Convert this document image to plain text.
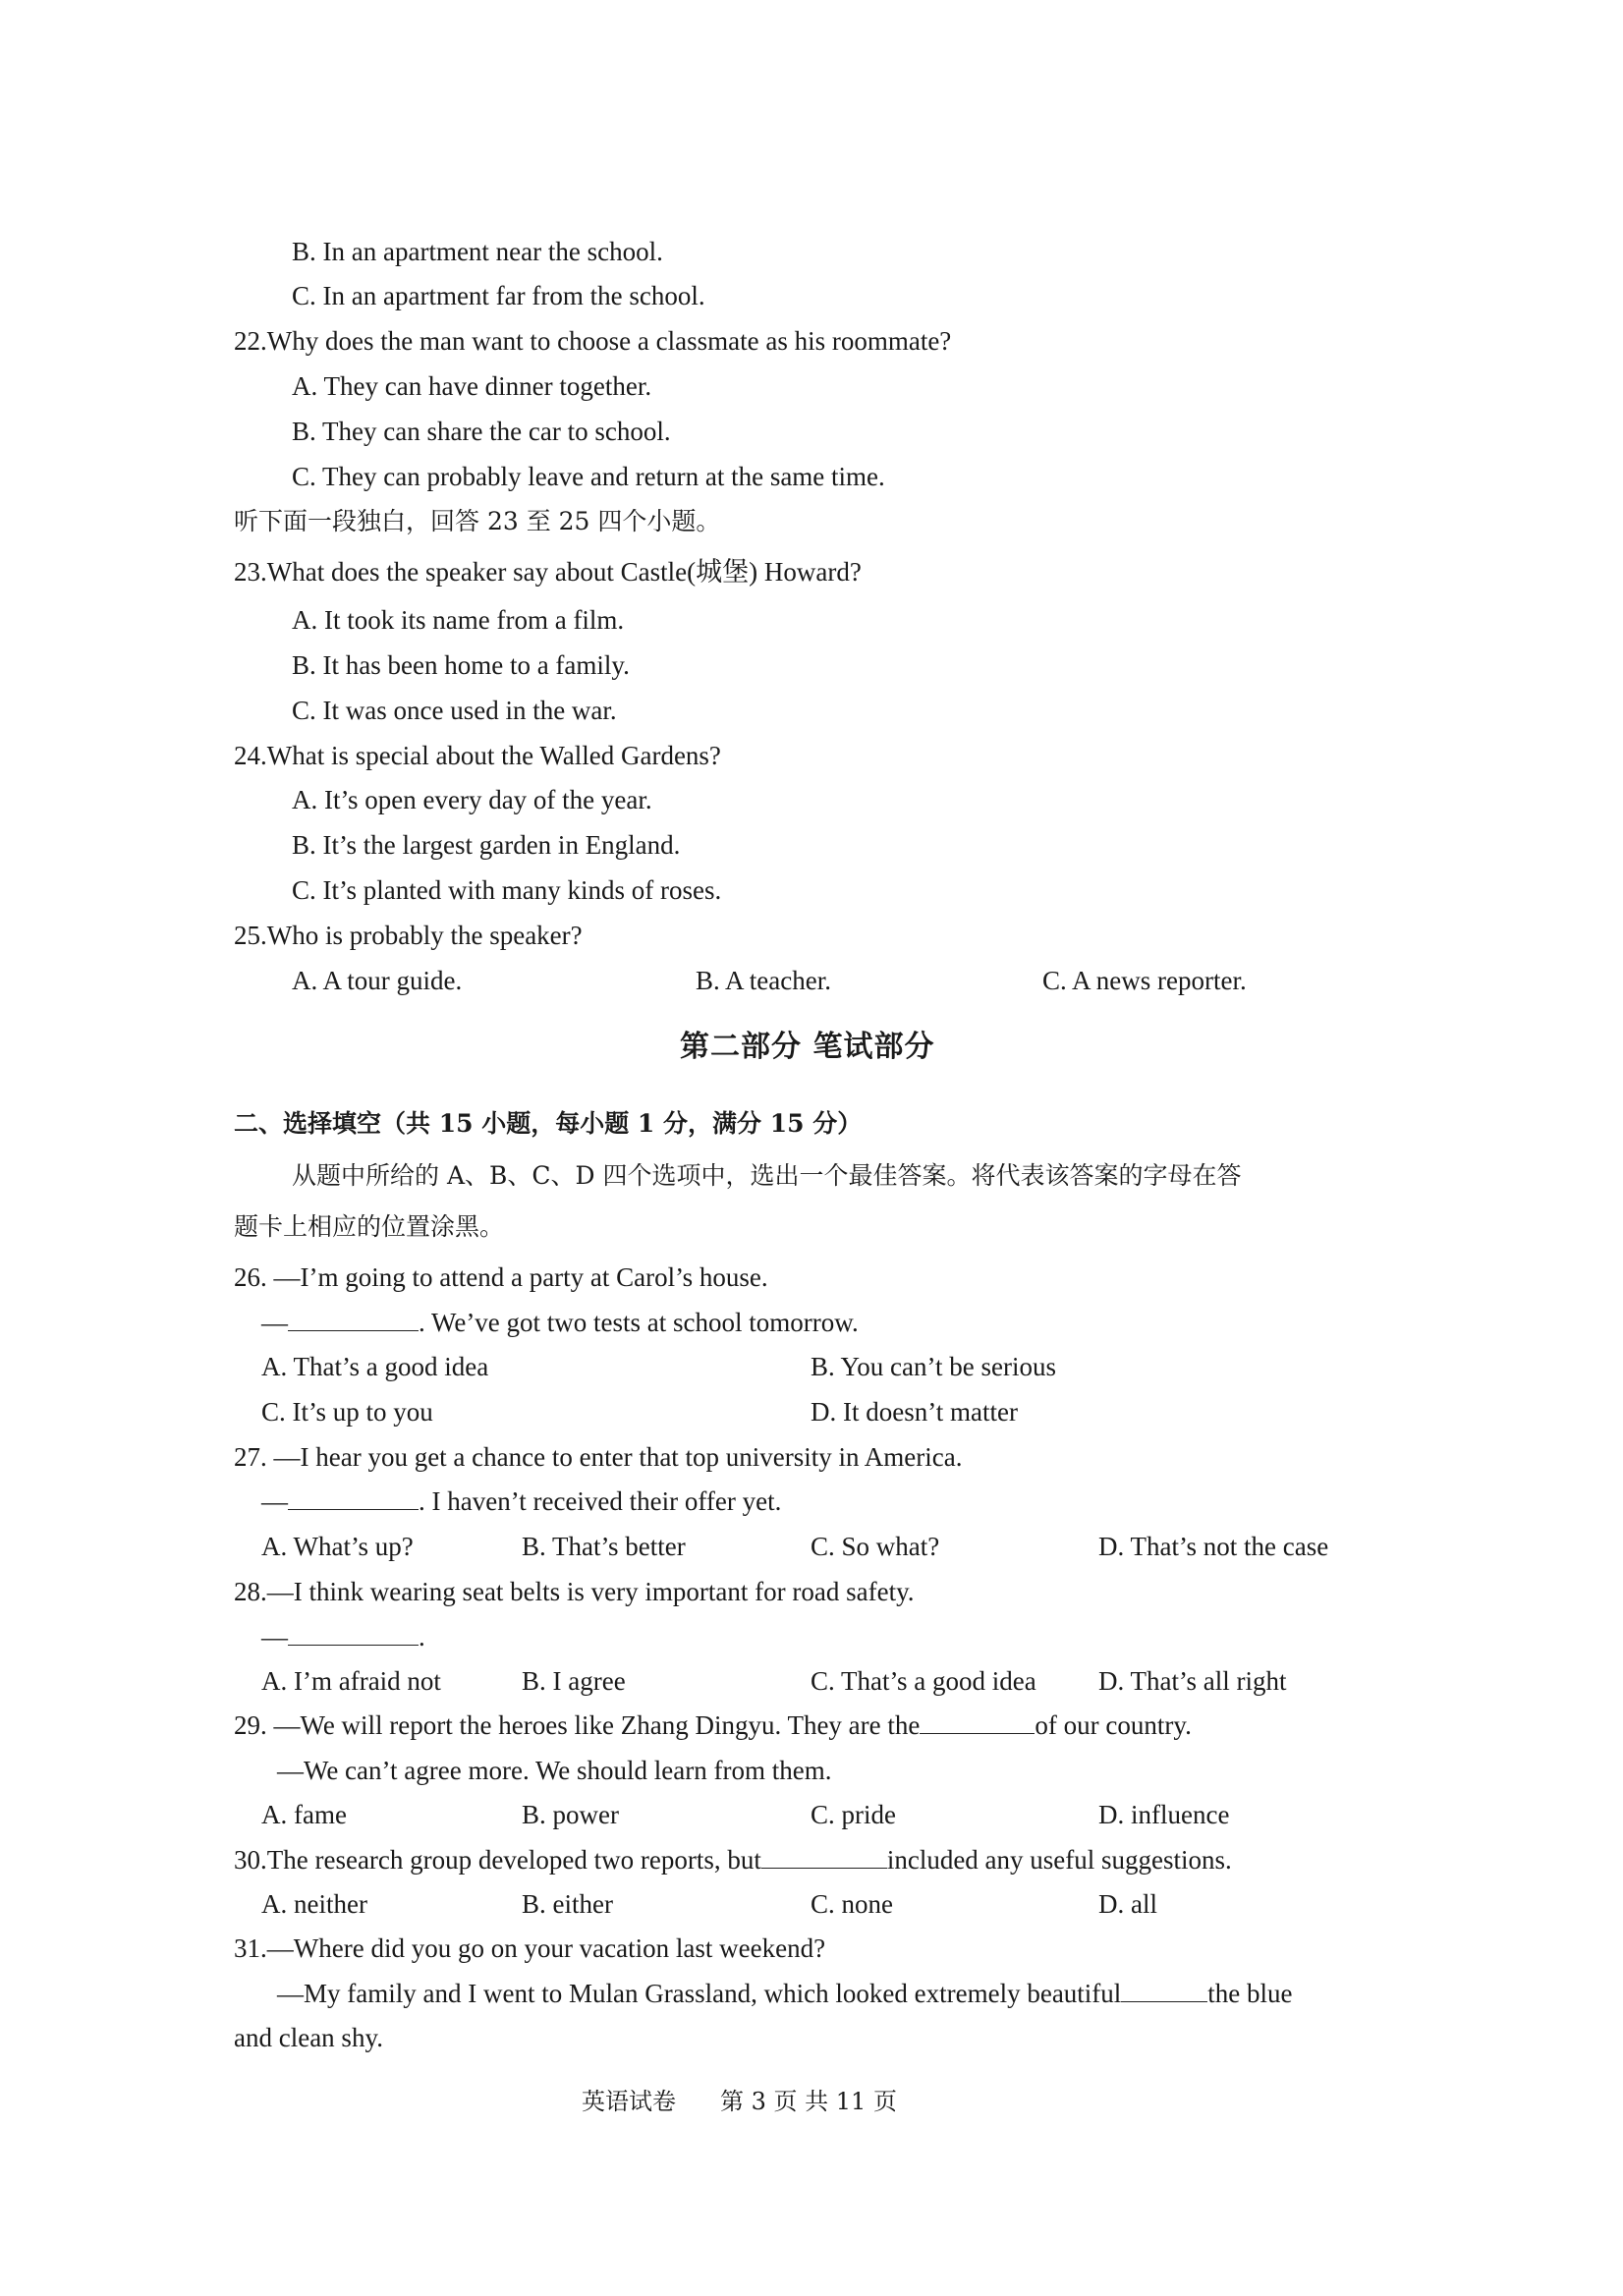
B. In an apartment near the school.
C. In an apartment far from the school.
22.Why does the man want to choose a classmate as his roommate?
A. They can have dinner together.
B. They can share the car to school.
C. They can probably leave and return at the same time.
听下面一段独白，回答 23 至 25 四个小题。
23.What does the speaker say about Castle(城堡) Howard?
A. It took its name from a film.
B. It has been home to a family.
C. It was once used in the war.
24.What is special about the Walled Gardens?
A. It’s open every day of the year.
B. It’s the largest garden in England.
C. It’s planted with many kinds of roses.
25.Who is probably the speaker?
A. A tour guide.	B. A teacher.	C. A news reporter.
第二部分 笔试部分
二、选择填空（共 15 小题，每小题 1 分，满分 15 分）
从题中所给的 A、B、C、D 四个选项中，选出一个最佳答案。将代表该答案的字母在答
题卡上相应的位置涂黑。
26. —I’m going to attend a party at Carol’s house.
—	. We’ve got two tests at school tomorrow.
A. That’s a good idea	B. You can’t be serious
C. It’s up to you	D. It doesn’t matter
27. —I hear you get a chance to enter that top university in America.
—	. I haven’t received their offer yet.
A. What’s up?	B. That’s better	C. So what?	D. That’s not the case
28.—I think wearing seat belts is very important for road safety.
—	.
A. I’m afraid not	B. I agree	C. That’s a good idea D. That’s all right
29. —We will report the heroes like Zhang Dingyu. They are the	of our country.
—We can’t agree more. We should learn from them.
A. fame	B. power	C. pride	D. influence
30.The research group developed two reports, but	included any useful suggestions.
A. neither	B. either	C. none	D. all
31.—Where did you go on your vacation last weekend?
—My family and I went to Mulan Grassland, which looked extremely beautiful	the blue
and clean shy.
英语试卷 第 3 页 共 11 页
